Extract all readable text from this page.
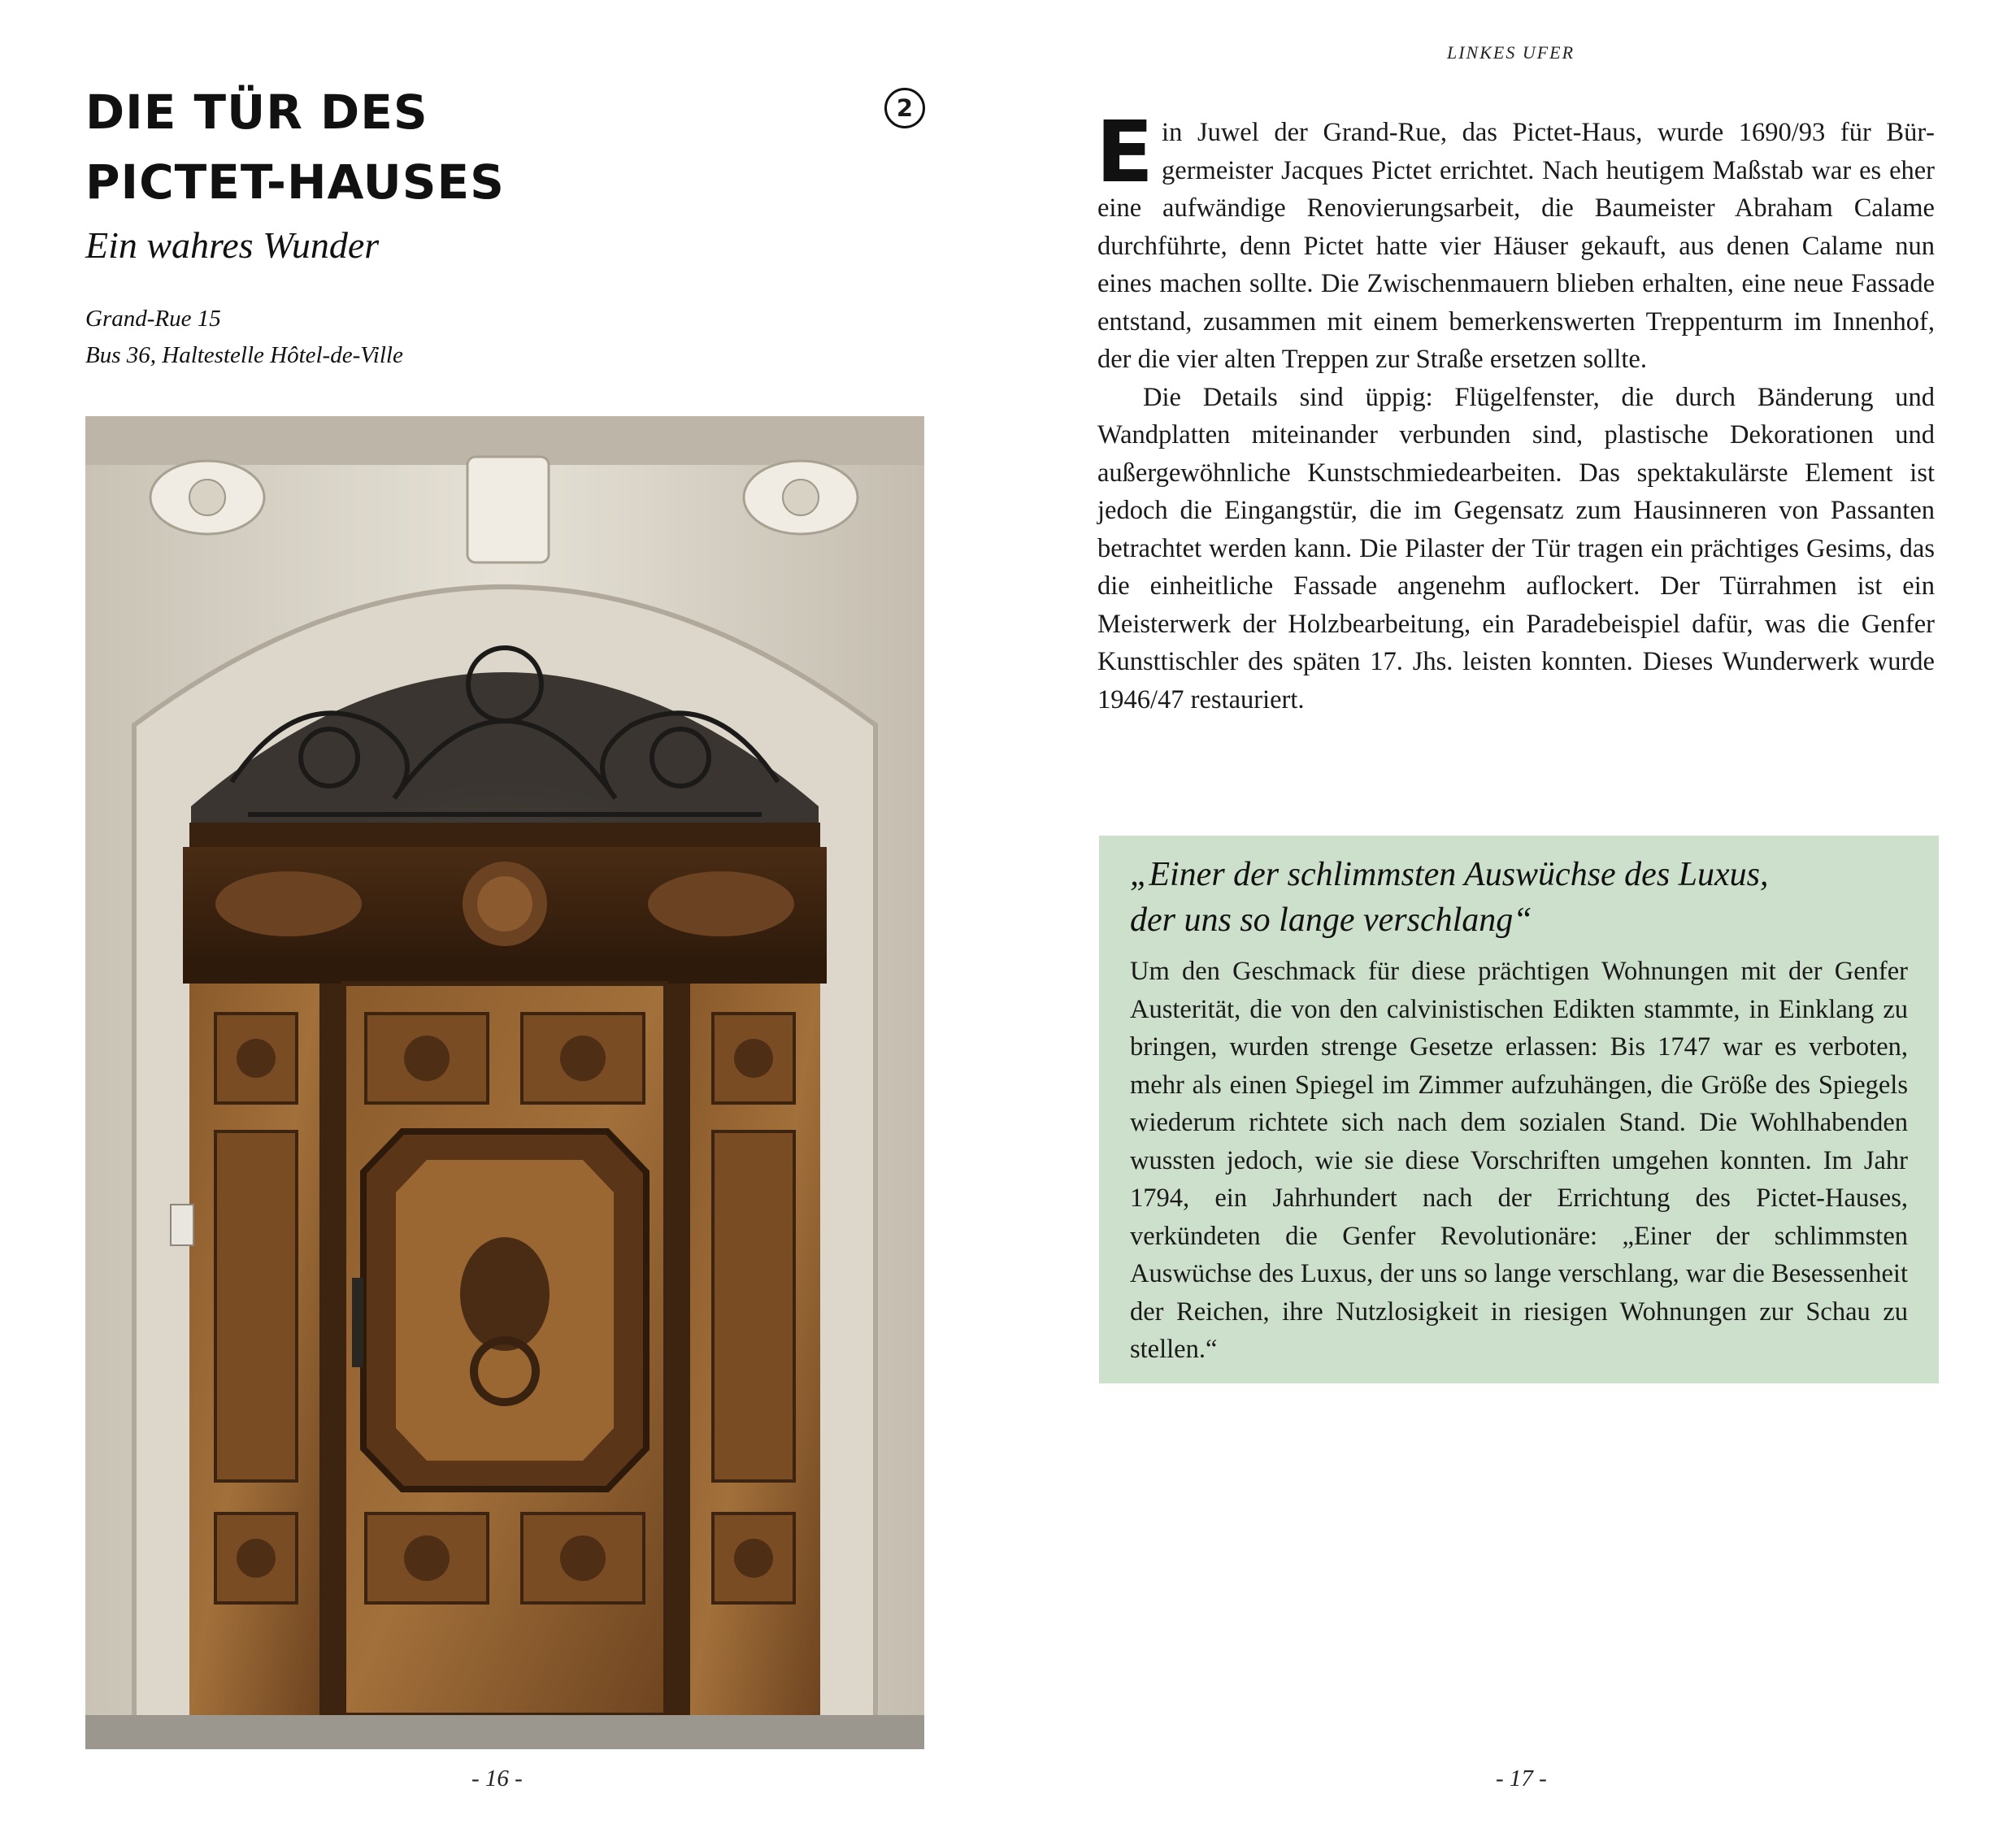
DIE TÜR DES
PICTET-HAUSES
2
Ein wahres Wunder
Grand-Rue 15
Bus 36, Haltestelle Hôtel-de-Ville
- 16 -
LINKES UFER

Ein Juwel der Grand-Rue, das Pictet-Haus, wurde 1690/93 für Bürgermeister Jacques Pictet errichtet. Nach heutigem Maßstab war es eher eine aufwändige Renovierungsarbeit, die Baumeister Abraham Calame durchführte, denn Pictet hatte vier Häuser gekauft, aus denen Calame nun eines machen sollte. Die Zwischenmauern blieben erhalten, eine neue Fassade entstand, zusammen mit einem bemerkenswerten Treppenturm im Innenhof, der die vier alten Treppen zur Straße ersetzen sollte.

Die Details sind üppig: Flügelfenster, die durch Bänderung und Wandplatten miteinander verbunden sind, plastische Dekorationen und außergewöhnliche Kunstschmiedearbeiten. Das spektakulärste Element ist jedoch die Eingangstür, die im Gegensatz zum Hausinneren von Passanten betrachtet werden kann. Die Pilaster der Tür tragen ein prächtiges Gesims, das die einheitliche Fassade angenehm auflockert. Der Türrahmen ist ein Meisterwerk der Holzbearbeitung, ein Paradebeispiel dafür, was die Genfer Kunsttischler des späten 17. Jhs. leisten konnten. Dieses Wunderwerk wurde 1946/47 restauriert.

„Einer der schlimmsten Auswüchse des Luxus,
der uns so lange verschlang“
Um den Geschmack für diese prächtigen Wohnungen mit der Genfer Austerität, die von den calvinistischen Edikten stammte, in Einklang zu bringen, wurden strenge Gesetze erlassen: Bis 1747 war es verboten, mehr als einen Spiegel im Zimmer aufzuhängen, die Größe des Spiegels wiederum richtete sich nach dem sozialen Stand. Die Wohlhabenden wussten jedoch, wie sie diese Vorschriften umgehen konnten. Im Jahr 1794, ein Jahrhundert nach der Errichtung des Pictet-Hauses, verkündeten die Genfer Revolutionäre: „Einer der schlimmsten Auswüchse des Luxus, der uns so lange verschlang, war die Besessenheit der Reichen, ihre Nutzlosigkeit in riesigen Wohnungen zur Schau zu stellen.“
- 17 -
